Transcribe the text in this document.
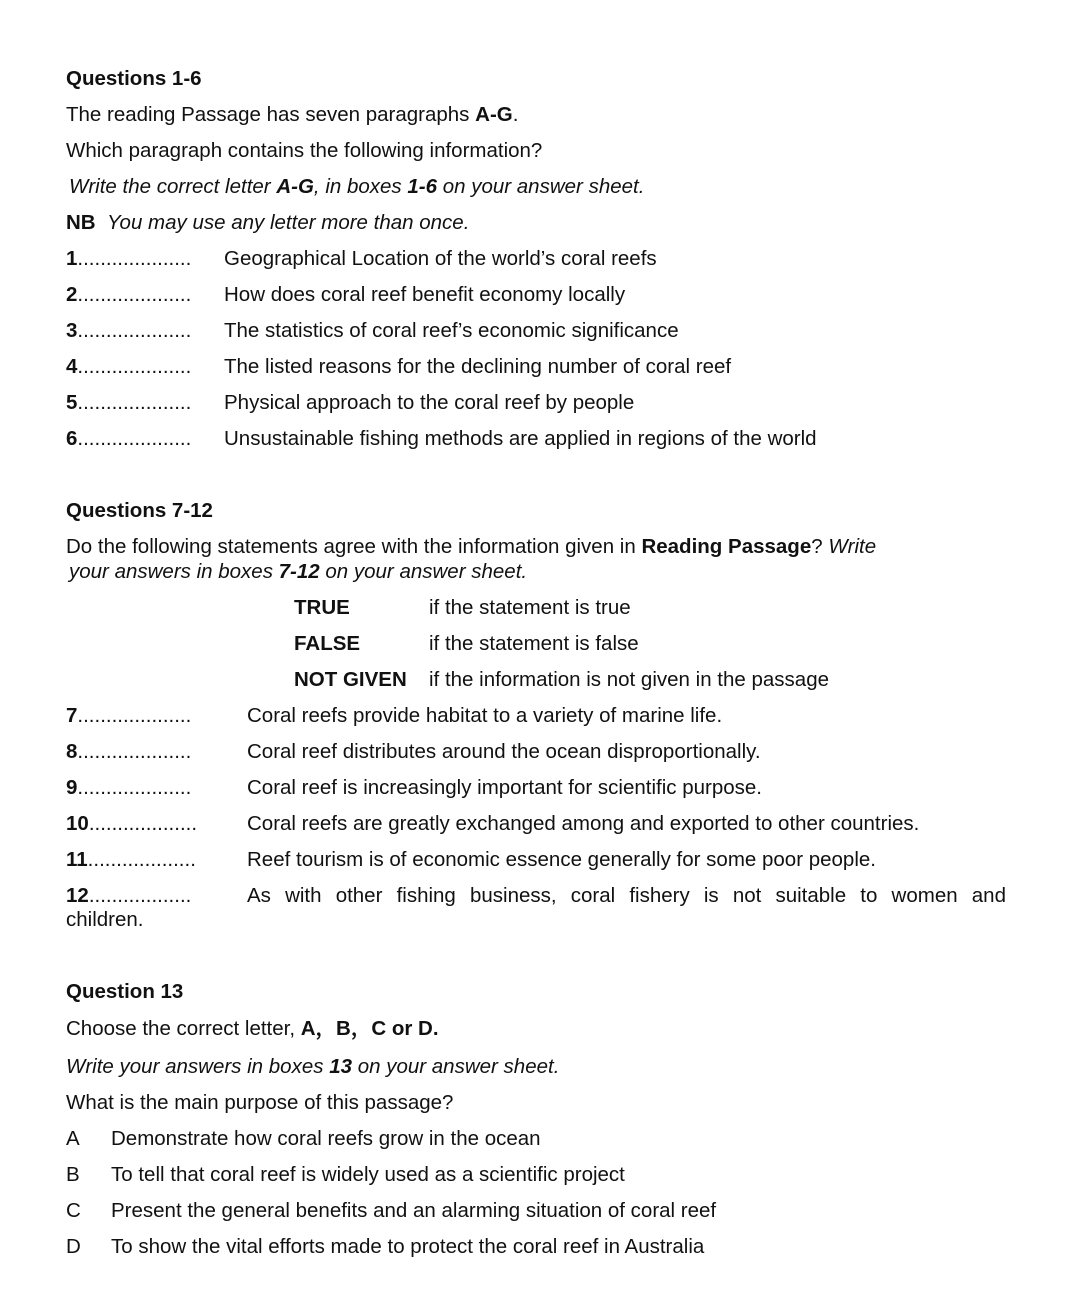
Questions 1-6
The reading Passage has seven paragraphs A-G.
Which paragraph contains the following information?
Write the correct letter A-G, in boxes 1-6 on your answer sheet.
NB You may use any letter more than once.
1.................... Geographical Location of the world’s coral reefs
2.................... How does coral reef benefit economy locally
3.................... The statistics of coral reef’s economic significance
4.................... The listed reasons for the declining number of coral reef
5.................... Physical approach to the coral reef by people
6.................... Unsustainable fishing methods are applied in regions of the world
Questions 7-12
Do the following statements agree with the information given in Reading Passage? Write
your answers in boxes 7-12 on your answer sheet.
TRUE	if the statement is true
FALSE	if the statement is false
NOT GIVEN if the information is not given in the passage
7....................	Coral reefs provide habitat to a variety of marine life.
8....................	Coral reef distributes around the ocean disproportionally.
9....................	Coral reef is increasingly important for scientific purpose.
10................... Coral reefs are greatly exchanged among and exported to other countries.
11................... Reef tourism is of economic essence generally for some poor people.
12..................	As with other fishing business, coral fishery is not suitable to women and
children.
Question 13
Choose the correct letter, A，B，C or D.
Write your answers in boxes 13 on your answer sheet.
What is the main purpose of this passage?
A Demonstrate how coral reefs grow in the ocean
B To tell that coral reef is widely used as a scientific project
C Present the general benefits and an alarming situation of coral reef
D To show the vital efforts made to protect the coral reef in Australia
